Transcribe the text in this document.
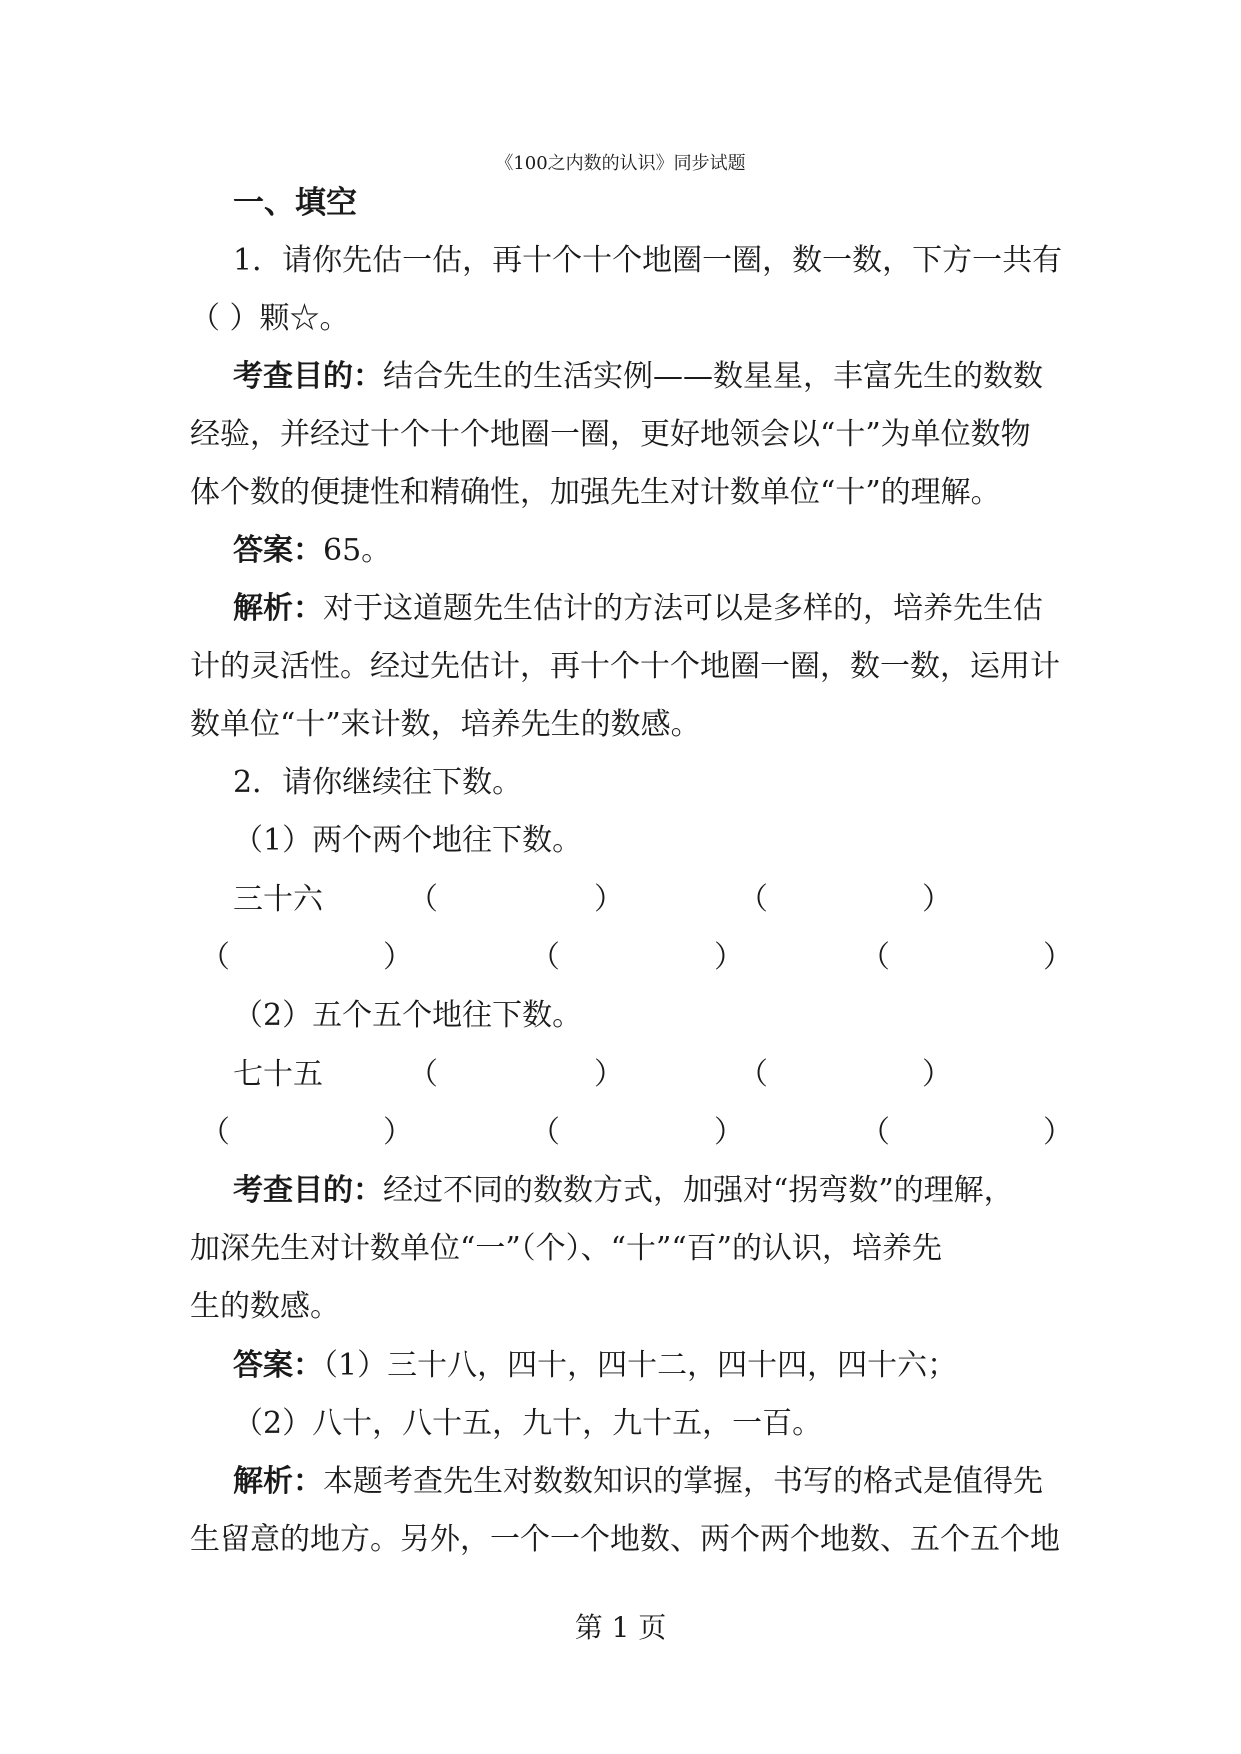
《100之内数的认识》同步试题
一、填空
1．请你先估一估，再十个十个地圈一圈，数一数，下方一共有
（ ）颗☆。
考查目的：结合先生的生活实例——数星星，丰富先生的数数
经验，并经过十个十个地圈一圈，更好地领会以“十”为单位数物
体个数的便捷性和精确性，加强先生对计数单位“十”的理解。
答案：65。
解析：对于这道题先生估计的方法可以是多样的，培养先生估
计的灵活性。经过先估计，再十个十个地圈一圈，数一数，运用计
数单位“十”来计数，培养先生的数感。
2．请你继续往下数。
（1）两个两个地往下数。
三十六	（	）	（	）
（	）	（	）	（	）
（2）五个五个地往下数。
七十五	（	）	（	）
（	）	（	）	（	）
考查目的：经过不同的数数方式，加强对“拐弯数”的理解，
加深先生对计数单位“一”（个）、“十”“百”的认识，培养先
生的数感。
答案：（1）三十八，四十，四十二，四十四，四十六；
（2）八十，八十五，九十，九十五，一百。
解析：本题考查先生对数数知识的掌握，书写的格式是值得先
生留意的地方。另外，一个一个地数、两个两个地数、五个五个地
第 1 页
